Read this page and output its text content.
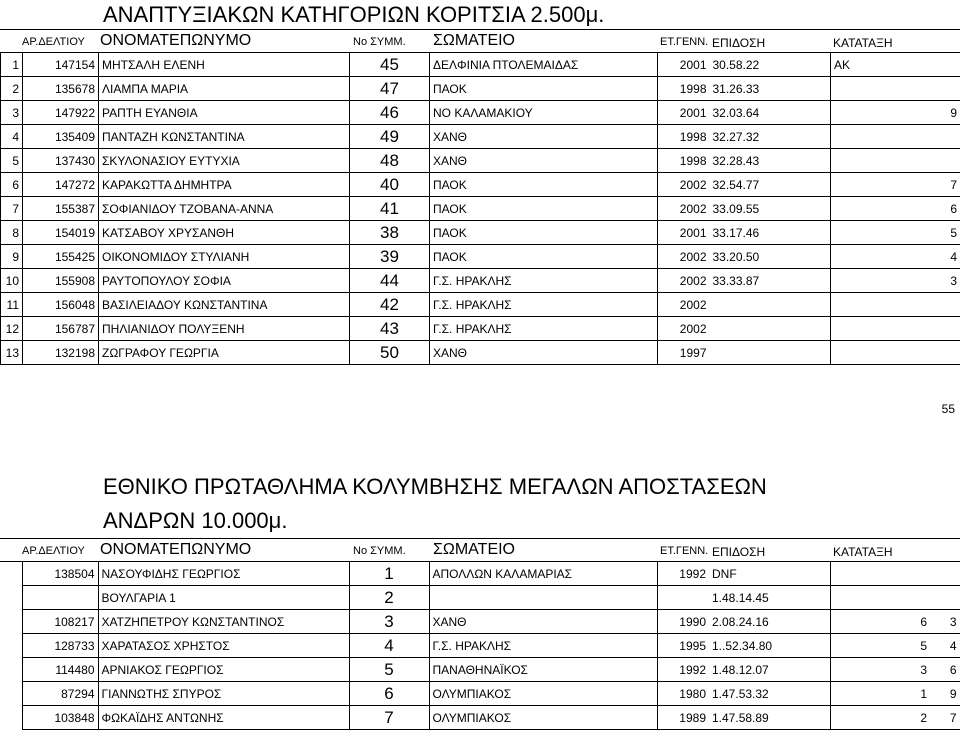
ΑΝΑΠΤΥΞΙΑΚΩΝ ΚΑΤΗΓΟΡΙΩΝ ΚΟΡΙΤΣΙΑ 2.500μ.
ΑΡ.ΔΕΛΤΙΟΥ ΟΝΟΜΑΤΕΠΩΝΥΜΟ	Νο ΣΥΜΜ. ΣΩΜΑΤΕΙΟ	ΕΤ.ΓΕΝΝ. ΕΠΙΔΟΣΗ	ΚΑΤΑΤΑΞΗ
1	147154	ΜΗΤΣΑΛΗ ΕΛΕΝΗ	45	ΔΕΛΦΙΝΙΑ ΠΤΟΛΕΜΑΙΔΑΣ	2001	30.58.22	ΑΚ	
2	135678	ΛΙΑΜΠΑ ΜΑΡΙΑ	47	ΠΑΟΚ	1998	31.26.33		
3	147922	ΡΑΠΤΗ ΕΥΑΝΘΙΑ	46	ΝΟ ΚΑΛΑΜΑΚΙΟΥ	2001	32.03.64		9
4	135409	ΠΑΝΤΑΖΗ ΚΩΝΣΤΑΝΤΙΝΑ	49	ΧΑΝΘ	1998	32.27.32		
5	137430	ΣΚΥΛΟΝΑΣΙΟΥ ΕΥΤΥΧΙΑ	48	ΧΑΝΘ	1998	32.28.43		
6	147272	ΚΑΡΑΚΩΤΤΑ ΔΗΜΗΤΡΑ	40	ΠΑΟΚ	2002	32.54.77		7
7	155387	ΣΟΦΙΑΝΙΔΟΥ ΤΖΟΒΑΝΑ-ΑΝΝΑ	41	ΠΑΟΚ	2002	33.09.55		6
8	154019	ΚΑΤΣΑΒΟΥ ΧΡΥΣΑΝΘΗ	38	ΠΑΟΚ	2001	33.17.46		5
9	155425	ΟΙΚΟΝΟΜΙΔΟΥ ΣΤΥΛΙΑΝΗ	39	ΠΑΟΚ	2002	33.20.50		4
10	155908	ΡΑΥΤΟΠΟΥΛΟΥ ΣΟΦΙΑ	44	Γ.Σ. ΗΡΑΚΛΗΣ	2002	33.33.87		3
11	156048	ΒΑΣΙΛΕΙΑΔΟΥ ΚΩΝΣΤΑΝΤΙΝΑ	42	Γ.Σ. ΗΡΑΚΛΗΣ	2002			
12	156787	ΠΗΛΙΑΝΙΔΟΥ ΠΟΛΥΞΕΝΗ	43	Γ.Σ. ΗΡΑΚΛΗΣ	2002			
13	132198	ΖΩΓΡΑΦΟΥ ΓΕΩΡΓΙΑ	50	ΧΑΝΘ	1997			
55
ΕΘΝΙΚΟ ΠΡΩΤΑΘΛΗΜΑ ΚΟΛΥΜΒΗΣΗΣ ΜΕΓΑΛΩΝ ΑΠΟΣΤΑΣΕΩΝ
ΑΝΔΡΩΝ 10.000μ.
ΑΡ.ΔΕΛΤΙΟΥ ΟΝΟΜΑΤΕΠΩΝΥΜΟ	Νο ΣΥΜΜ. ΣΩΜΑΤΕΙΟ	ΕΤ.ΓΕΝΝ. ΕΠΙΔΟΣΗ	ΚΑΤΑΤΑΞΗ
	138504	ΝΑΣΟΥΦΙΔΗΣ ΓΕΩΡΓΙΟΣ	1	ΑΠΟΛΛΩΝ ΚΑΛΑΜΑΡΙΑΣ	1992	DNF		
		ΒΟΥΛΓΑΡΙΑ 1	2			1.48.14.45		
	108217	ΧΑΤΖΗΠΕΤΡΟΥ ΚΩΝΣΤΑΝΤΙΝΟΣ	3	ΧΑΝΘ	1990	2.08.24.16	6	3
	128733	ΧΑΡΑΤΑΣΟΣ ΧΡΗΣΤΟΣ	4	Γ.Σ. ΗΡΑΚΛΗΣ	1995	1..52.34.80	5	4
	114480	ΑΡΝΙΑΚΟΣ ΓΕΩΡΓΙΟΣ	5	ΠΑΝΑΘΗΝΑΪΚΟΣ	1992	1.48.12.07	3	6
	87294	ΓΙΑΝΝΩΤΗΣ ΣΠΥΡΟΣ	6	ΟΛΥΜΠΙΑΚΟΣ	1980	1.47.53.32	1	9
	103848	ΦΩΚΑΪΔΗΣ ΑΝΤΩΝΗΣ	7	ΟΛΥΜΠΙΑΚΟΣ	1989	1.47.58.89	2	7
